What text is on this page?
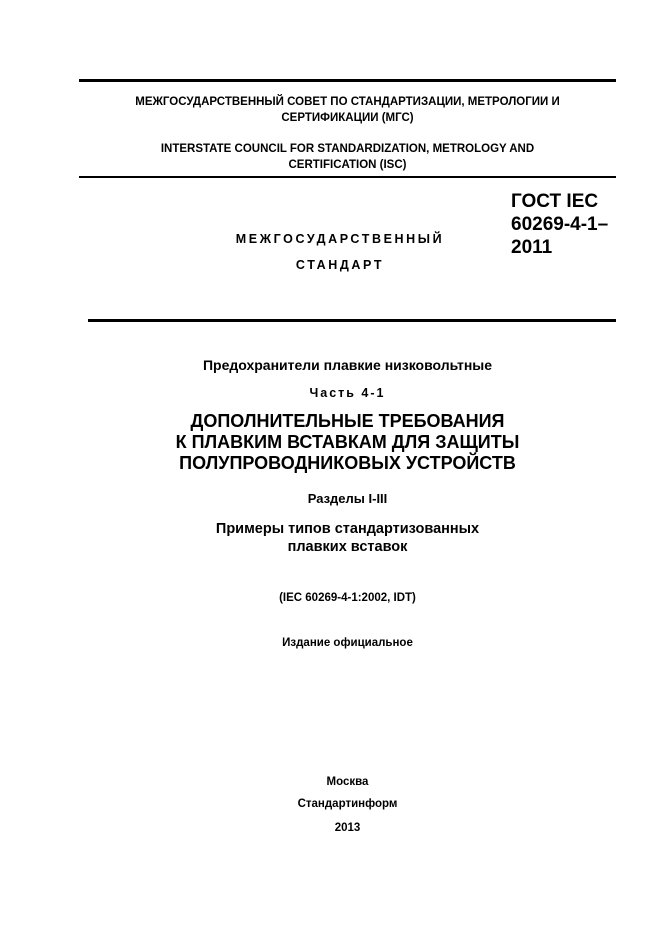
МЕЖГОСУДАРСТВЕННЫЙ СОВЕТ ПО СТАНДАРТИЗАЦИИ, МЕТРОЛОГИИ И
СЕРТИФИКАЦИИ (МГС)
INTERSTATE COUNCIL FOR STANDARDIZATION, METROLOGY AND
CERTIFICATION (ISC)
МЕЖГОСУДАРСТВЕННЫЙ
СТАНДАРТ
ГОСТ IEC
60269-4-1–
2011
Предохранители плавкие низковольтные
Часть 4-1
ДОПОЛНИТЕЛЬНЫЕ ТРЕБОВАНИЯ
К ПЛАВКИМ ВСТАВКАМ ДЛЯ ЗАЩИТЫ
ПОЛУПРОВОДНИКОВЫХ УСТРОЙСТВ
Разделы I-III
Примеры типов стандартизованных
плавких вставок
(IEC 60269-4-1:2002, IDT)
Издание официальное
Москва
Стандартинформ
2013
